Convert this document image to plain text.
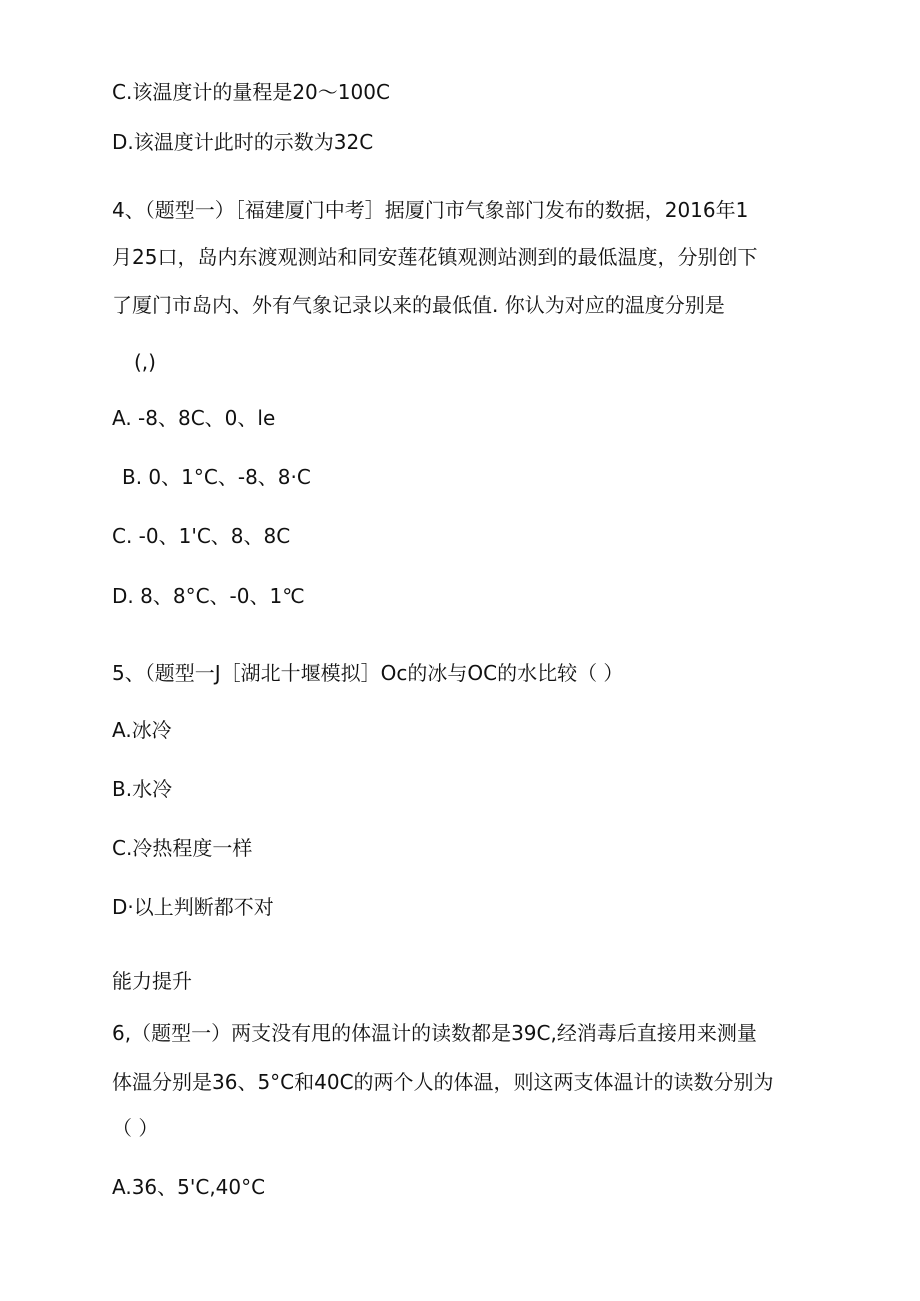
C.该温度计的量程是20～100C
D.该温度计此时的示数为32C
4、（题型一）［福建厦门中考］据厦门市气象部门发布的数据，2016年1
月25口，岛内东渡观测站和同安莲花镇观测站测到的最低温度，分别创下
了厦门市岛内、外有气象记录以来的最低值. 你认为对应的温度分别是
(,)
A. -8、8C、0、le
B. 0、1°C、-8、8·C
C. -0、1'C、8、8C
D. 8、8°C、-0、1℃
5、（题型一J［湖北十堰模拟］Oc的冰与OC的水比较（ ）
A.冰冷
B.水冷
C.冷热程度一样
D·以上判断都不对
能力提升
6,（题型一）两支没有甩的体温计的读数都是39C,经消毒后直接用来测量
体温分别是36、5°C和40C的两个人的体温，则这两支体温计的读数分别为
（ ）
A.36、5'C,40°C
